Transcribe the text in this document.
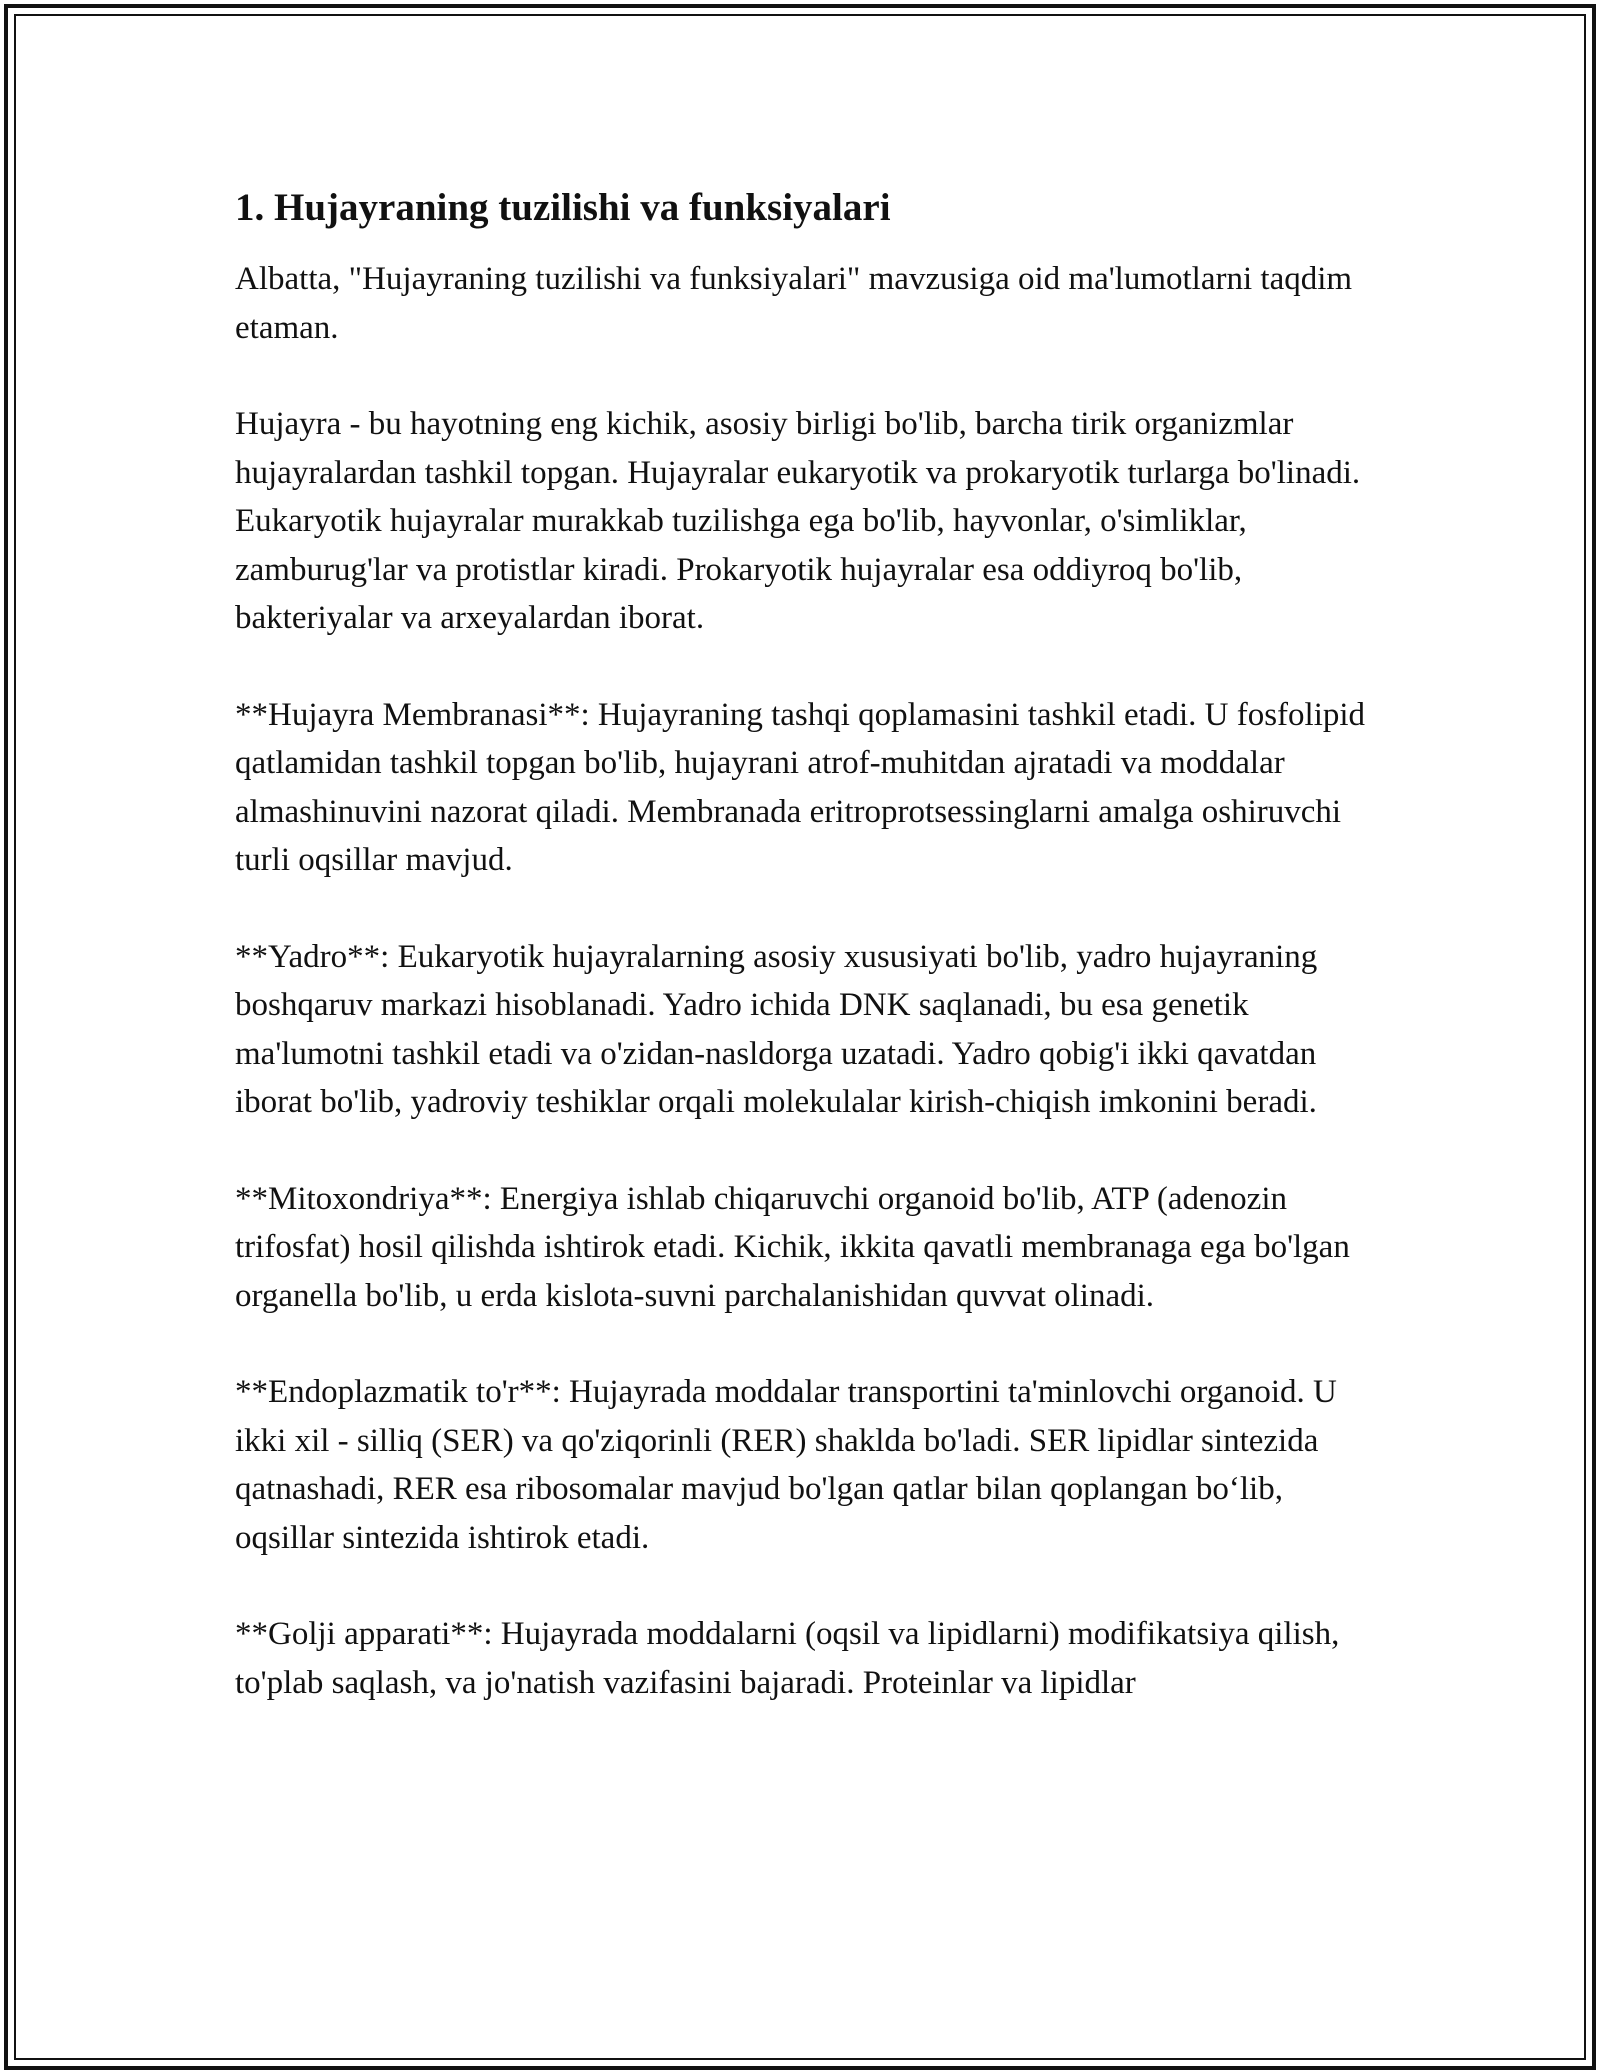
1. Hujayraning tuzilishi va funksiyalari

Albatta, "Hujayraning tuzilishi va funksiyalari" mavzusiga oid ma'lumotlarni taqdim etaman.

Hujayra - bu hayotning eng kichik, asosiy birligi bo'lib, barcha tirik organizmlar hujayralardan tashkil topgan. Hujayralar eukaryotik va prokaryotik turlarga bo'linadi. Eukaryotik hujayralar murakkab tuzilishga ega bo'lib, hayvonlar, o'simliklar, zamburug'lar va protistlar kiradi. Prokaryotik hujayralar esa oddiyroq bo'lib, bakteriyalar va arxeyalardan iborat.

**Hujayra Membranasi**: Hujayraning tashqi qoplamasini tashkil etadi. U fosfolipid qatlamidan tashkil topgan bo'lib, hujayrani atrof-muhitdan ajratadi va moddalar almashinuvini nazorat qiladi. Membranada eritroprotsessinglarni amalga oshiruvchi turli oqsillar mavjud.

**Yadro**: Eukaryotik hujayralarning asosiy xususiyati bo'lib, yadro hujayraning boshqaruv markazi hisoblanadi. Yadro ichida DNK saqlanadi, bu esa genetik ma'lumotni tashkil etadi va o'zidan-nasldorga uzatadi. Yadro qobig'i ikki qavatdan iborat bo'lib, yadroviy teshiklar orqali molekulalar kirish-chiqish imkonini beradi.

**Mitoxondriya**: Energiya ishlab chiqaruvchi organoid bo'lib, ATP (adenozin trifosfat) hosil qilishda ishtirok etadi. Kichik, ikkita qavatli membranaga ega bo'lgan organella bo'lib, u erda kislota-suvni parchalanishidan quvvat olinadi.

**Endoplazmatik to'r**: Hujayrada moddalar transportini ta'minlovchi organoid. U ikki xil - silliq (SER) va qo'ziqorinli (RER) shaklda bo'ladi. SER lipidlar sintezida qatnashadi, RER esa ribosomalar mavjud bo'lgan qatlar bilan qoplangan bo‘lib, oqsillar sintezida ishtirok etadi.

**Golji apparati**: Hujayrada moddalarni (oqsil va lipidlarni) modifikatsiya qilish, to'plab saqlash, va jo'natish vazifasini bajaradi. Proteinlar va lipidlar
